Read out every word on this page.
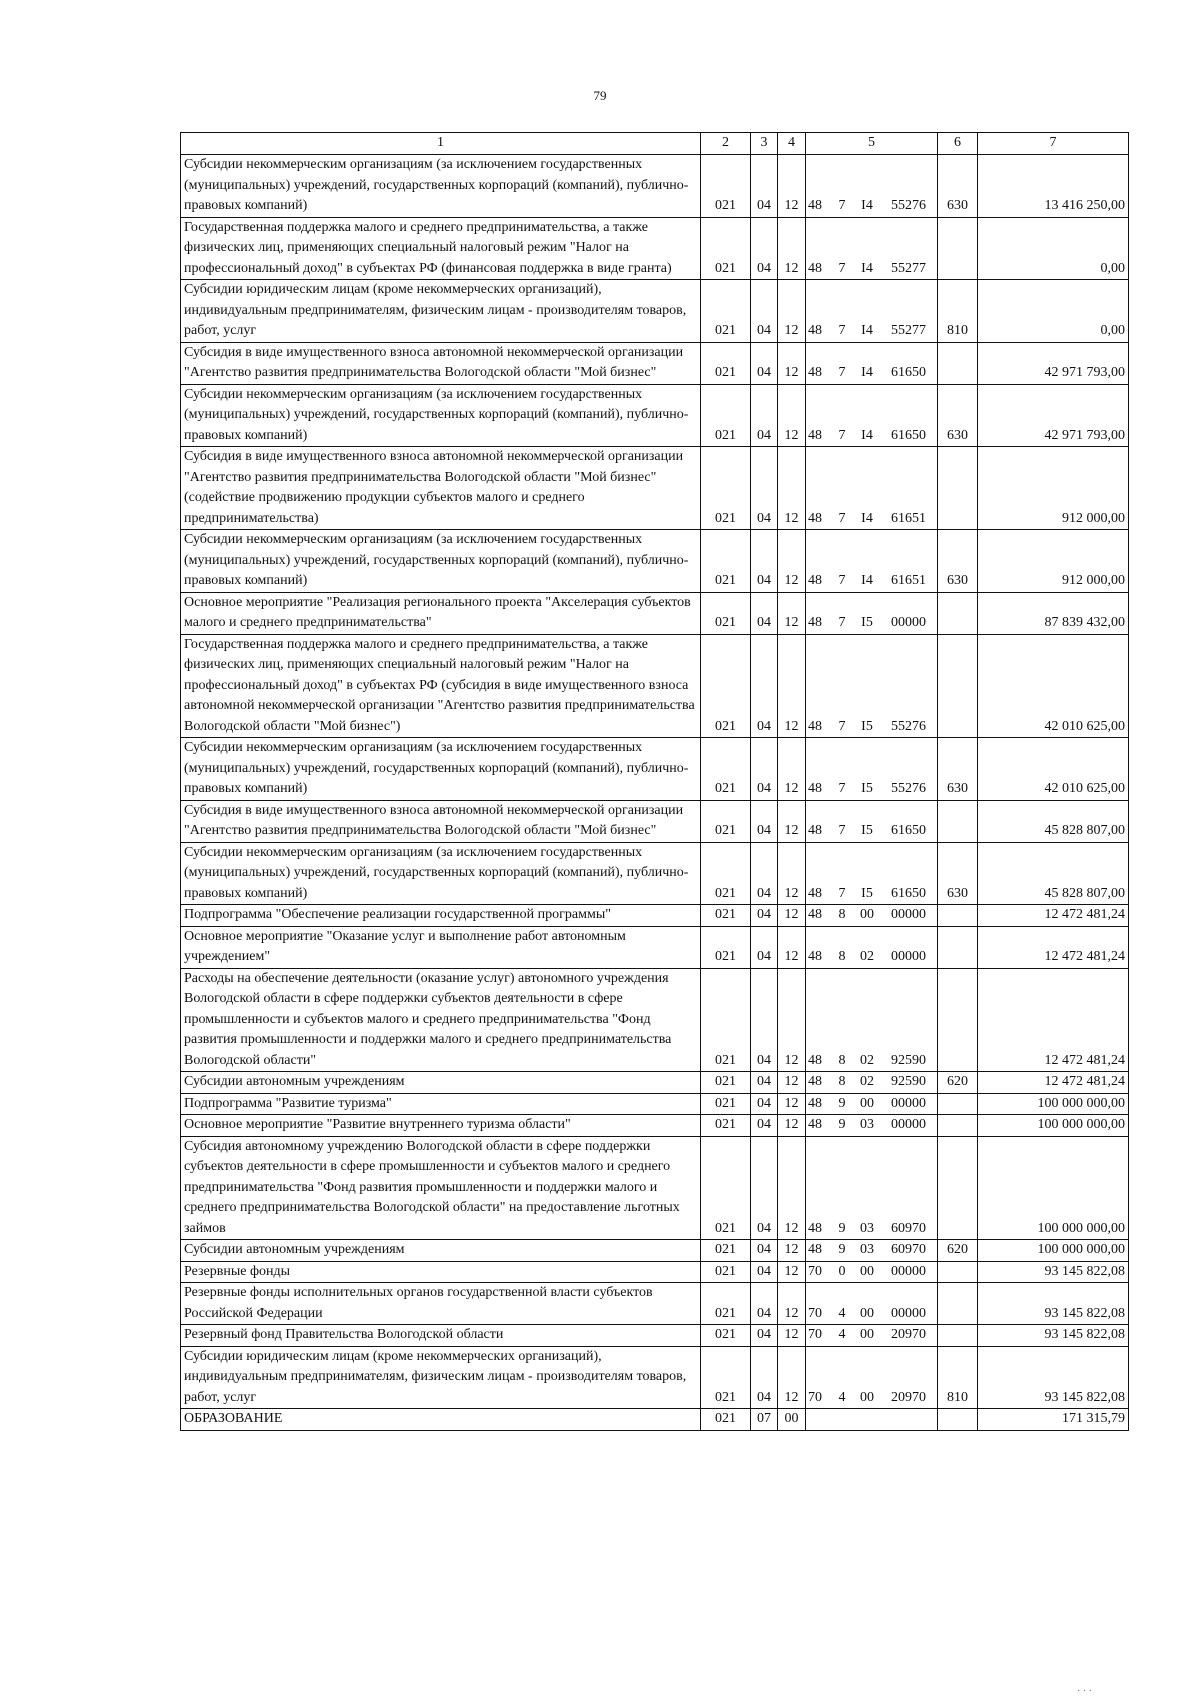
79
1	2	3	4	5	6	7
Субсидии некоммерческим организациям (за исключением государственных (муниципальных) учреждений, государственных корпораций (компаний), публично-правовых компаний)	021	04	12	48 7 I4 55276	630	13 416 250,00
Государственная поддержка малого и среднего предпринимательства, а также физических лиц, применяющих специальный налоговый режим "Налог на профессиональный доход" в субъектах РФ (финансовая поддержка в виде гранта)	021	04	12	48 7 I4 55277		0,00
Субсидии юридическим лицам (кроме некоммерческих организаций), индивидуальным предпринимателям, физическим лицам - производителям товаров, работ, услуг	021	04	12	48 7 I4 55277	810	0,00
Субсидия в виде имущественного взноса автономной некоммерческой организации "Агентство развития предпринимательства Вологодской области "Мой бизнес"	021	04	12	48 7 I4 61650		42 971 793,00
Субсидии некоммерческим организациям (за исключением государственных (муниципальных) учреждений, государственных корпораций (компаний), публично-правовых компаний)	021	04	12	48 7 I4 61650	630	42 971 793,00
Субсидия в виде имущественного взноса автономной некоммерческой организации "Агентство развития предпринимательства Вологодской области "Мой бизнес" (содействие продвижению продукции субъектов малого и среднего предпринимательства)	021	04	12	48 7 I4 61651		912 000,00
Субсидии некоммерческим организациям (за исключением государственных (муниципальных) учреждений, государственных корпораций (компаний), публично-правовых компаний)	021	04	12	48 7 I4 61651	630	912 000,00
Основное мероприятие "Реализация регионального проекта "Акселерация субъектов малого и среднего предпринимательства"	021	04	12	48 7 I5 00000		87 839 432,00
Государственная поддержка малого и среднего предпринимательства, а также физических лиц, применяющих специальный налоговый режим "Налог на профессиональный доход" в субъектах РФ (субсидия в виде имущественного взноса автономной некоммерческой организации "Агентство развития предпринимательства Вологодской области "Мой бизнес")	021	04	12	48 7 I5 55276		42 010 625,00
Субсидии некоммерческим организациям (за исключением государственных (муниципальных) учреждений, государственных корпораций (компаний), публично-правовых компаний)	021	04	12	48 7 I5 55276	630	42 010 625,00
Субсидия в виде имущественного взноса автономной некоммерческой организации "Агентство развития предпринимательства Вологодской области "Мой бизнес"	021	04	12	48 7 I5 61650		45 828 807,00
Субсидии некоммерческим организациям (за исключением государственных (муниципальных) учреждений, государственных корпораций (компаний), публично-правовых компаний)	021	04	12	48 7 I5 61650	630	45 828 807,00
Подпрограмма "Обеспечение реализации государственной программы"	021	04	12	48 8 00 00000		12 472 481,24
Основное мероприятие "Оказание услуг и выполнение работ автономным учреждением"	021	04	12	48 8 02 00000		12 472 481,24
Расходы на обеспечение деятельности (оказание услуг) автономного учреждения Вологодской области в сфере поддержки субъектов деятельности в сфере промышленности и субъектов малого и среднего предпринимательства "Фонд развития промышленности и поддержки малого и среднего предпринимательства Вологодской области"	021	04	12	48 8 02 92590		12 472 481,24
Субсидии автономным учреждениям	021	04	12	48 8 02 92590	620	12 472 481,24
Подпрограмма "Развитие туризма"	021	04	12	48 9 00 00000		100 000 000,00
Основное мероприятие "Развитие внутреннего туризма области"	021	04	12	48 9 03 00000		100 000 000,00
Субсидия автономному учреждению Вологодской области в сфере поддержки субъектов деятельности в сфере промышленности и субъектов малого и среднего предпринимательства "Фонд развития промышленности и поддержки малого и среднего предпринимательства Вологодской области" на предоставление льготных займов	021	04	12	48 9 03 60970		100 000 000,00
Субсидии автономным учреждениям	021	04	12	48 9 03 60970	620	100 000 000,00
Резервные фонды	021	04	12	70 0 00 00000		93 145 822,08
Резервные фонды исполнительных органов государственной власти субъектов Российской Федерации	021	04	12	70 4 00 00000		93 145 822,08
Резервный фонд Правительства Вологодской области	021	04	12	70 4 00 20970		93 145 822,08
Субсидии юридическим лицам (кроме некоммерческих организаций), индивидуальным предпринимателям, физическим лицам - производителям товаров, работ, услуг	021	04	12	70 4 00 20970	810	93 145 822,08
ОБРАЗОВАНИЕ	021	07	00			171 315,79
· · ·
